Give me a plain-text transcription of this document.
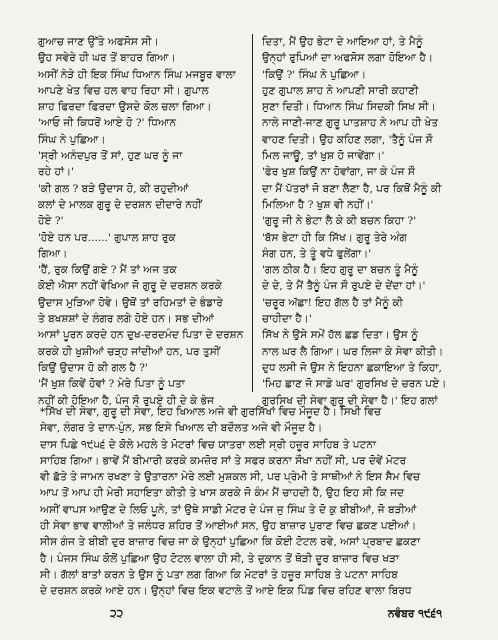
ਗੁਆਚ ਜਾਣ ਉੱਤੇ ਅਫਸੋਸ ਸੀ।
ਉਹ ਸਵੇਰੇ ਹੀ ਘਰ ਤੋਂ ਬਾਹਰ ਗਿਆ।
ਅਸੀਂ ਨੇੜੇ ਹੀ ਇਕ ਸਿੰਘ ਧਿਆਨ ਸਿੰਘ ਮਜਬੂਰ ਵਾਲਾ
ਆਪਣੇ ਖੇਤ ਵਿਚ ਹਲ ਵਾਹ ਰਿਹਾ ਸੀ। ਗੁਪਾਲ
ਸ਼ਾਹ ਫਿਰਦਾ ਫਿਰਦਾ ਉਸਦੇ ਕੋਲ ਚਲਾ ਗਿਆ।
'ਆਓ ਜੀ ਕਿਧਰੋਂ ਆਏ ਹੋ ?' ਧਿਆਨ
ਸਿੰਘ ਨੇ ਪੁਛਿਆ।
'ਸ੍ਰੀ ਅਨੰਦਪੁਰ ਤੋਂ ਸਾਂ, ਹੁਣ ਘਰ ਨੂੰ ਜਾ
ਰਹੇ ਹਾਂ।'
'ਕੀ ਗਲ ? ਬੜੇ ਉਦਾਸ ਹੋ, ਕੀ ਰਹੁਦੀਆਂ
ਕਲਾਂ ਦੇ ਮਾਲਕ ਗੁਰੂ ਦੇ ਦਰਸ਼ਨ ਦੀਦਾਰੇ ਨਹੀਂ
ਹੋਏ ?'
'ਹੋਏ ਹਨ ਪਰ......' ਗੁਪਾਲ ਸ਼ਾਹ ਰੁਕ
ਗਿਆ।
'ਹੈਂ, ਰੁਕ ਕਿਉਂ ਗਏ ? ਮੈਂ ਤਾਂ ਅਜ ਤਕ
ਕੋਈ ਐਸਾ ਨਹੀਂ ਵੇਖਿਆ ਜੋ ਗੁਰੂ ਦੇ ਦਰਸ਼ਨ ਕਰਕੇ
ਉਦਾਸ ਮੁੜਿਆ ਹੋਵੇ। ਉਥੋਂ ਤਾਂ ਰਹਿਮਤਾਂ ਦੇ ਭੰਡਾਰੇ
ਤੇ ਬਖਸ਼ਸ਼ਾਂ ਦੇ ਲੰਗਰ ਲਗੇ ਹੋਏ ਹਨ। ਸਭ ਦੀਆਂ
ਆਸਾਂ ਪੂਰਨ ਕਰਦੇ ਹਨ ਦੁਖ-ਦਰਦਮੰਦ ਪਿਤਾ ਦੇ ਦਰਸ਼ਨ
ਕਰਕੇ ਹੀ ਖੁਸ਼ੀਆਂ ਚੜ੍ਹ ਜਾਂਦੀਆਂ ਹਨ, ਪਰ ਤੁਸੀਂ
ਕਿਉਂ ਉਦਾਸ ਹੋ ਕੀ ਗਲ ਹੈ ?'
'ਮੈਂ ਖੁਸ਼ ਕਿਵੇਂ ਹੋਵਾਂ ? ਮੇਰੇ ਪਿਤਾ ਨੂੰ ਪਤਾ
ਨਹੀਂ ਕੀ ਹੋਇਆ ਹੈ, ਪੰਜ ਸੌ ਰੁਪਏ ਹੀ ਦੇ ਕੇ ਭੇਜ
ਦਿਤਾ, ਮੈਂ ਉਹ ਭੇਟਾ ਦੇ ਆਇਆ ਹਾਂ, ਤੇ ਮੈਨੂੰ
ਉਨ੍ਹਾਂ ਰੁਪਿਆਂ ਦਾ ਅਫਸੋਸ ਲਗਾ ਹੋਇਆ ਹੈ।
'ਕਿਉਂ ?' ਸਿੰਘ ਨੇ ਪੁਛਿਆ।
ਹੁਣ ਗੁਪਾਲ ਸ਼ਾਹ ਨੇ ਆਪਣੀ ਸਾਰੀ ਕਹਾਣੀ
ਸੁਣਾ ਦਿਤੀ। ਧਿਆਨ ਸਿੰਘ ਸਿਦਕੀ ਸਿਖ ਸੀ।
ਨਾਲੇ ਜਾਣੀ-ਜਾਣ ਗੁਰੂ ਪਾਤਸ਼ਾਹ ਨੇ ਆਪ ਹੀ ਖੇਤ
ਵਾਹਣ ਦਿਤੀ। ਉਹ ਕਹਿਣ ਲਗਾ, 'ਤੈਨੂੰ ਪੰਜ ਸੌ
ਮਿਲ ਜਾਊ, ਤਾਂ ਖੁਸ਼ ਹੋ ਜਾਵੇਂਗਾ।'
'ਫੇਰ ਖੁਸ਼ ਕਿਉਂ ਨਾ ਹੋਵਾਂਗਾ, ਜਾ ਕੇ ਪੰਜ ਸੌ
ਦਾ ਮੈਂ ਪੱਤਰਾਂ ਜੋ ਬਣਾ ਲੈਣਾ ਹੈ, ਪਰ ਕਿਥੋਂ ਮੈਨੂੰ ਕੀ
ਮਿਲਿਆ ਹੈ ? ਖੁਸ਼ ਵੀ ਨਹੀਂ।'
'ਗੁਰੂ ਜੀ ਨੇ ਭੇਟਾ ਲੈ ਕੇ ਕੀ ਬਚਨ ਕਿਹਾ ?'
'ਬੱਸ ਭੇਟਾ ਹੀ ਕਿ ਸਿੱਖ। ਗੁਰੂ ਤੇਰੇ ਅੰਗ
ਸੰਗ ਹਨ, ਤੇ ਤੂੰ ਵਧੇ ਫੁਲੇਂਗਾ।'
'ਗਲ ਠੀਕ ਹੈ। ਇਹ ਗੁਰੂ ਦਾ ਬਚਨ ਤੂੰ ਮੈਨੂੰ
ਦੇ ਦੇ, ਤੇ ਮੈਂ ਤੈਨੂੰ ਪੰਜ ਸੌ ਰੁਪਏ ਦੇ ਦੇਂਦਾ ਹਾਂ।'
'ਚਰੂਰ ਅੱਛਾ! ਇਹ ਗੱਲ ਹੈ ਤਾਂ ਮੈਨੂੰ ਕੀ
ਚਾਹੀਦਾ ਹੈ।'
ਸਿੱਖ ਨੇ ਉਸੇ ਸਮੇਂ ਹੱਲ ਛਡ ਦਿਤਾ। ਉਸ ਨੂੰ
ਨਾਲ ਘਰ ਲੈ ਗਿਆ। ਘਰ ਲਿਜਾ ਕੇ ਸੇਵਾ ਕੀਤੀ।
ਦੁਧ ਲਸੀ ਜੋ ਉਸ ਨੇ ਇਹਨਾ ਛਕਾਇਆ ਤੇ ਕਿਹਾ,
'ਮਿਹ ਛਾਣ ਜੋ ਸਾਡੇ ਘਰ' ਗੁਰਸਿਖ ਦੇ ਚਰਨ ਪਏ।
ਗੁਰਸਿਖ ਦੀ ਸੇਵਾ ਗੁਰੂ ਦੀ ਸੇਵਾ ਹੈ।' ਇਹ ਗਲਾਂ
*ਸਿੱਖ ਦੀ ਸੇਵਾ, ਗੁਰੂ ਦੀ ਸੇਵਾ, ਇਹ ਖਿਆਲ ਅਜੇ ਵੀ ਗੁਰਸਿੱਖਾਂ ਵਿਚ ਮੌਜੂਦ ਹੈ। ਸਿਖੀ ਵਿਚ
ਸੇਵਾ, ਲੰਗਰ ਤੇ ਦਾਨ-ਪੁੰਨ, ਸਭ ਇਸੇ ਖਿਆਲ ਦੀ ਬਦੌਲਤ ਅਜੇ ਵੀ ਮੌਜੂਦ ਹੈ।
ਦਾਸ ਪਿਛੇ ੧੯੫੬ ਦੇ ਕੋਲੇ ਮਹਲੇ ਤੇ ਮੋਟਰਾਂ ਵਿਚ ਯਾਤਰਾ ਲਈ ਸ੍ਰੀ ਹਜ਼ੂਰ ਸਾਹਿਬ ਤੇ ਪਟਨਾ
ਸਾਹਿਬ ਗਿਆ। ਭਾਵੇਂ ਮੈਂ ਬੀਮਾਰੀ ਕਰਕੇ ਕਮਜ਼ੋਰ ਸਾਂ ਤੇ ਸਫਰ ਕਰਨਾ ਸੌਖਾ ਨਹੀਂ ਸੀ, ਪਰ ਦੋਵੇਂ ਮੋਟਰ
ਵੀ ਛੱਤੇ ਤੇ ਜਾਮਨ ਰਖਣਾ ਤੇ ਉਤਾਰਨਾ ਮੇਰੇ ਲਈ ਮੁਸ਼ਕਲ ਸੀ, ਪਰ ਪ੍ਰੇਮੀ ਤੇ ਸਾਥੀਆਂ ਨੇ ਇਸ ਸੈਮ ਵਿਚ
ਆਪ ਤੋਂ ਆਪ ਹੀ ਮੇਰੀ ਸਹਾਇਤਾ ਕੀਤੀ ਤੇ ਖਾਸ ਕਰਕੇ ਜੋ ਕੰਮ ਮੈਂ ਚਾਹਦੀ ਹੈ, ਉਹ ਇਹ ਸੀ ਕਿ ਜਦ
ਅਸੀਂ ਵਾਪਸ ਆਉਣ ਦੇ ਲਿਓ ਪੂਨੇ, ਤਾਂ ਉਥੇ ਸਾਡੀ ਮੋਟਰ ਦੇ ਪੰਜ ਜੁ ਸਿੰਘ ਤੇ ਦੋ ਕੁ ਬੀਬੀਆਂ, ਜੋ ਬੜੀਆਂ
ਹੀ ਸੇਵਾ ਭਾਵ ਵਾਲੀਆਂ ਤੇ ਜਲੰਧਰ ਸ਼ਹਿਰ ਤੋਂ ਆਈਆਂ ਸਨ, ਉਹ ਬਾਜ਼ਾਰ ਪੁਰਾਣ ਵਿਚ ਛਕਣ ਪਈਆਂ।
ਸੀਸ ਗੰਜ ਤੇ ਬੀਬੀ ਦੁਰ ਬਾਜ਼ਾਰ ਵਿਚ ਜਾ ਕੇ ਉਨ੍ਹਾਂ ਪੁਛਿਆ ਕਿ ਕੋਈ ਟੋਟਲ ਰਵੇ, ਅਸਾਂ ਪ੍ਰਬਾਦ ਛਕਣਾ
ਹੈ। ਪੰਜਸ ਸਿੰਘ ਕੋਲੋਂ ਪੁਛਿਆ ਉਹ ਟੋਟਲ ਵਾਲਾ ਹੀ ਸੀ, ਤੇ ਦੁਕਾਨ ਤੋਂ ਥੋੜੀ ਦੂਰ ਬਾਜ਼ਾਰ ਵਿਚ ਖੜਾ
ਸੀ। ਗੱਲਾਂ ਬਾਤਾਂ ਕਰਨ ਤੇ ਉਸ ਨੂੰ ਪਤਾ ਲਗ ਗਿਆ ਕਿ ਮੋਟਰਾਂ ਤੇ ਹਜ਼ੂਰ ਸਾਹਿਬ ਤੇ ਪਟਨਾ ਸਾਹਿਬ
ਦੇ ਦਰਸ਼ਨ ਕਰਕੇ ਆਏ ਹਨ। ਉਨ੍ਹਾਂ ਵਿਚ ਇਕ ਵਟਾਲੇ ਤੋਂ ਆਏ ਇਕ ਪਿੰਡ ਵਿਚ ਰਹਿਣ ਵਾਲਾ ਬਿਰਧ
੨੨	ਨਵੰਬਰ ੧੯੬੧
